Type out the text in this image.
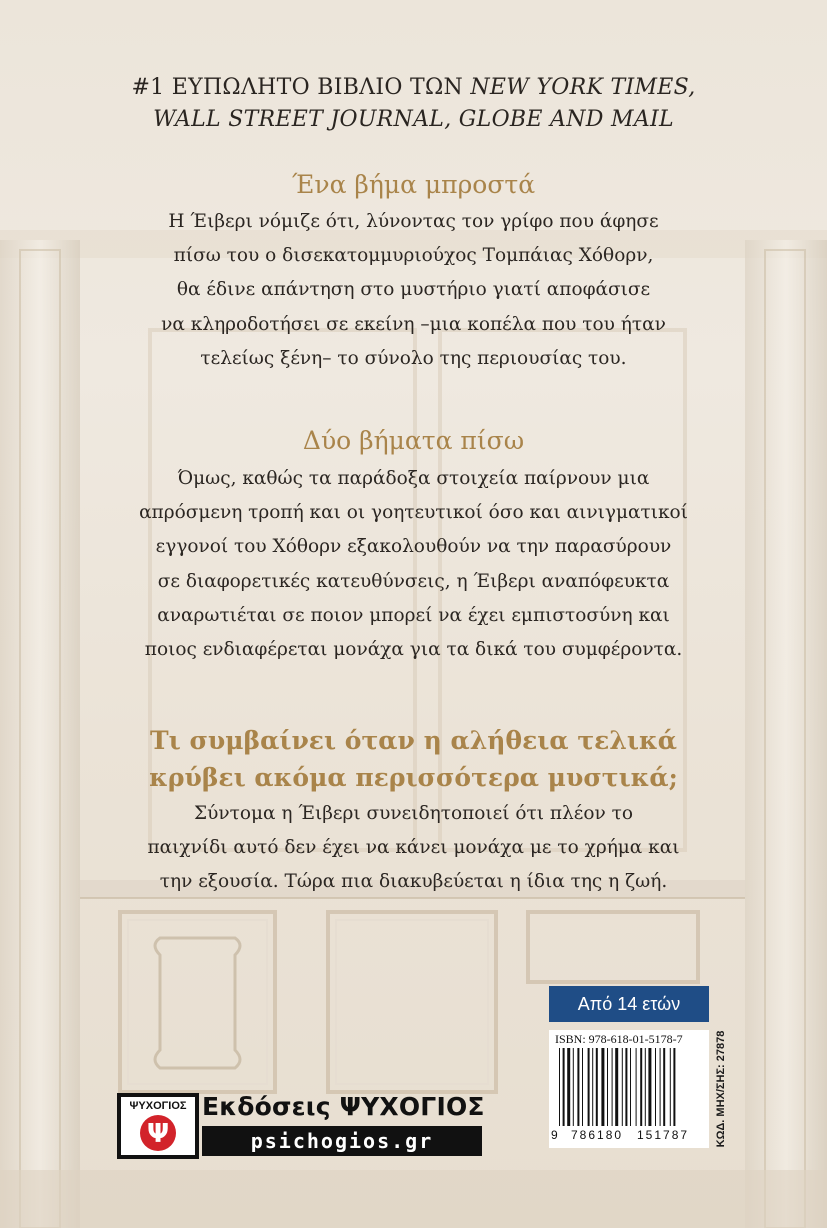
#1 ΕΥΠΩΛΗΤΟ ΒΙΒΛΙΟ ΤΩΝ NEW YORK TIMES,
WALL STREET JOURNAL, GLOBE AND MAIL
Ένα βήμα μπροστά
Η Έιβερι νόμιζε ότι, λύνοντας τον γρίφο που άφησε
πίσω του ο δισεκατομμυριούχος Τομπάιας Χόθορν,
θα έδινε απάντηση στο μυστήριο γιατί αποφάσισε
να κληροδοτήσει σε εκείνη –μια κοπέλα που του ήταν
τελείως ξένη– το σύνολο της περιουσίας του.
Δύο βήματα πίσω
Όμως, καθώς τα παράδοξα στοιχεία παίρνουν μια
απρόσμενη τροπή και οι γοητευτικοί όσο και αινιγματικοί
εγγονοί του Χόθορν εξακολουθούν να την παρασύρουν
σε διαφορετικές κατευθύνσεις, η Έιβερι αναπόφευκτα
αναρωτιέται σε ποιον μπορεί να έχει εμπιστοσύνη και
ποιος ενδιαφέρεται μονάχα για τα δικά του συμφέροντα.
Τι συμβαίνει όταν η αλήθεια τελικά
κρύβει ακόμα περισσότερα μυστικά;
Σύντομα η Έιβερι συνειδητοποιεί ότι πλέον το
παιχνίδι αυτό δεν έχει να κάνει μονάχα με το χρήμα και
την εξουσία. Τώρα πια διακυβεύεται η ίδια της η ζωή.
Από 14 ετών
ISBN: 978-618-01-5178-7
9 786180 151787 ΚΩΔ. ΜΗΧ/ΣΗΣ: 27878
ΨΥΧΟΓΙΟΣ
Ψ
Εκδόσεις ΨΥΧΟΓΙΟΣ
psichogios.gr
